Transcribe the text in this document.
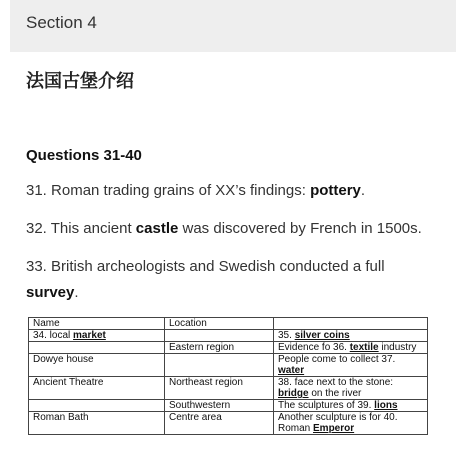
Section 4
法国古堡介绍
Questions 31-40
31. Roman trading grains of XX’s findings: pottery.
32. This ancient castle was discovered by French in 1500s.
33. British archeologists and Swedish conducted a full
survey.
Name	Location	
34. local market		35. silver coins
	Eastern region	Evidence fo 36. textile industry
Dowye house		People come to collect 37. water
Ancient Theatre	Northeast region	38. face next to the stone: bridge on the river
	Southwestern	The sculptures of 39. lions
Roman Bath	Centre area	Another sculpture is for 40. Roman Emperor
